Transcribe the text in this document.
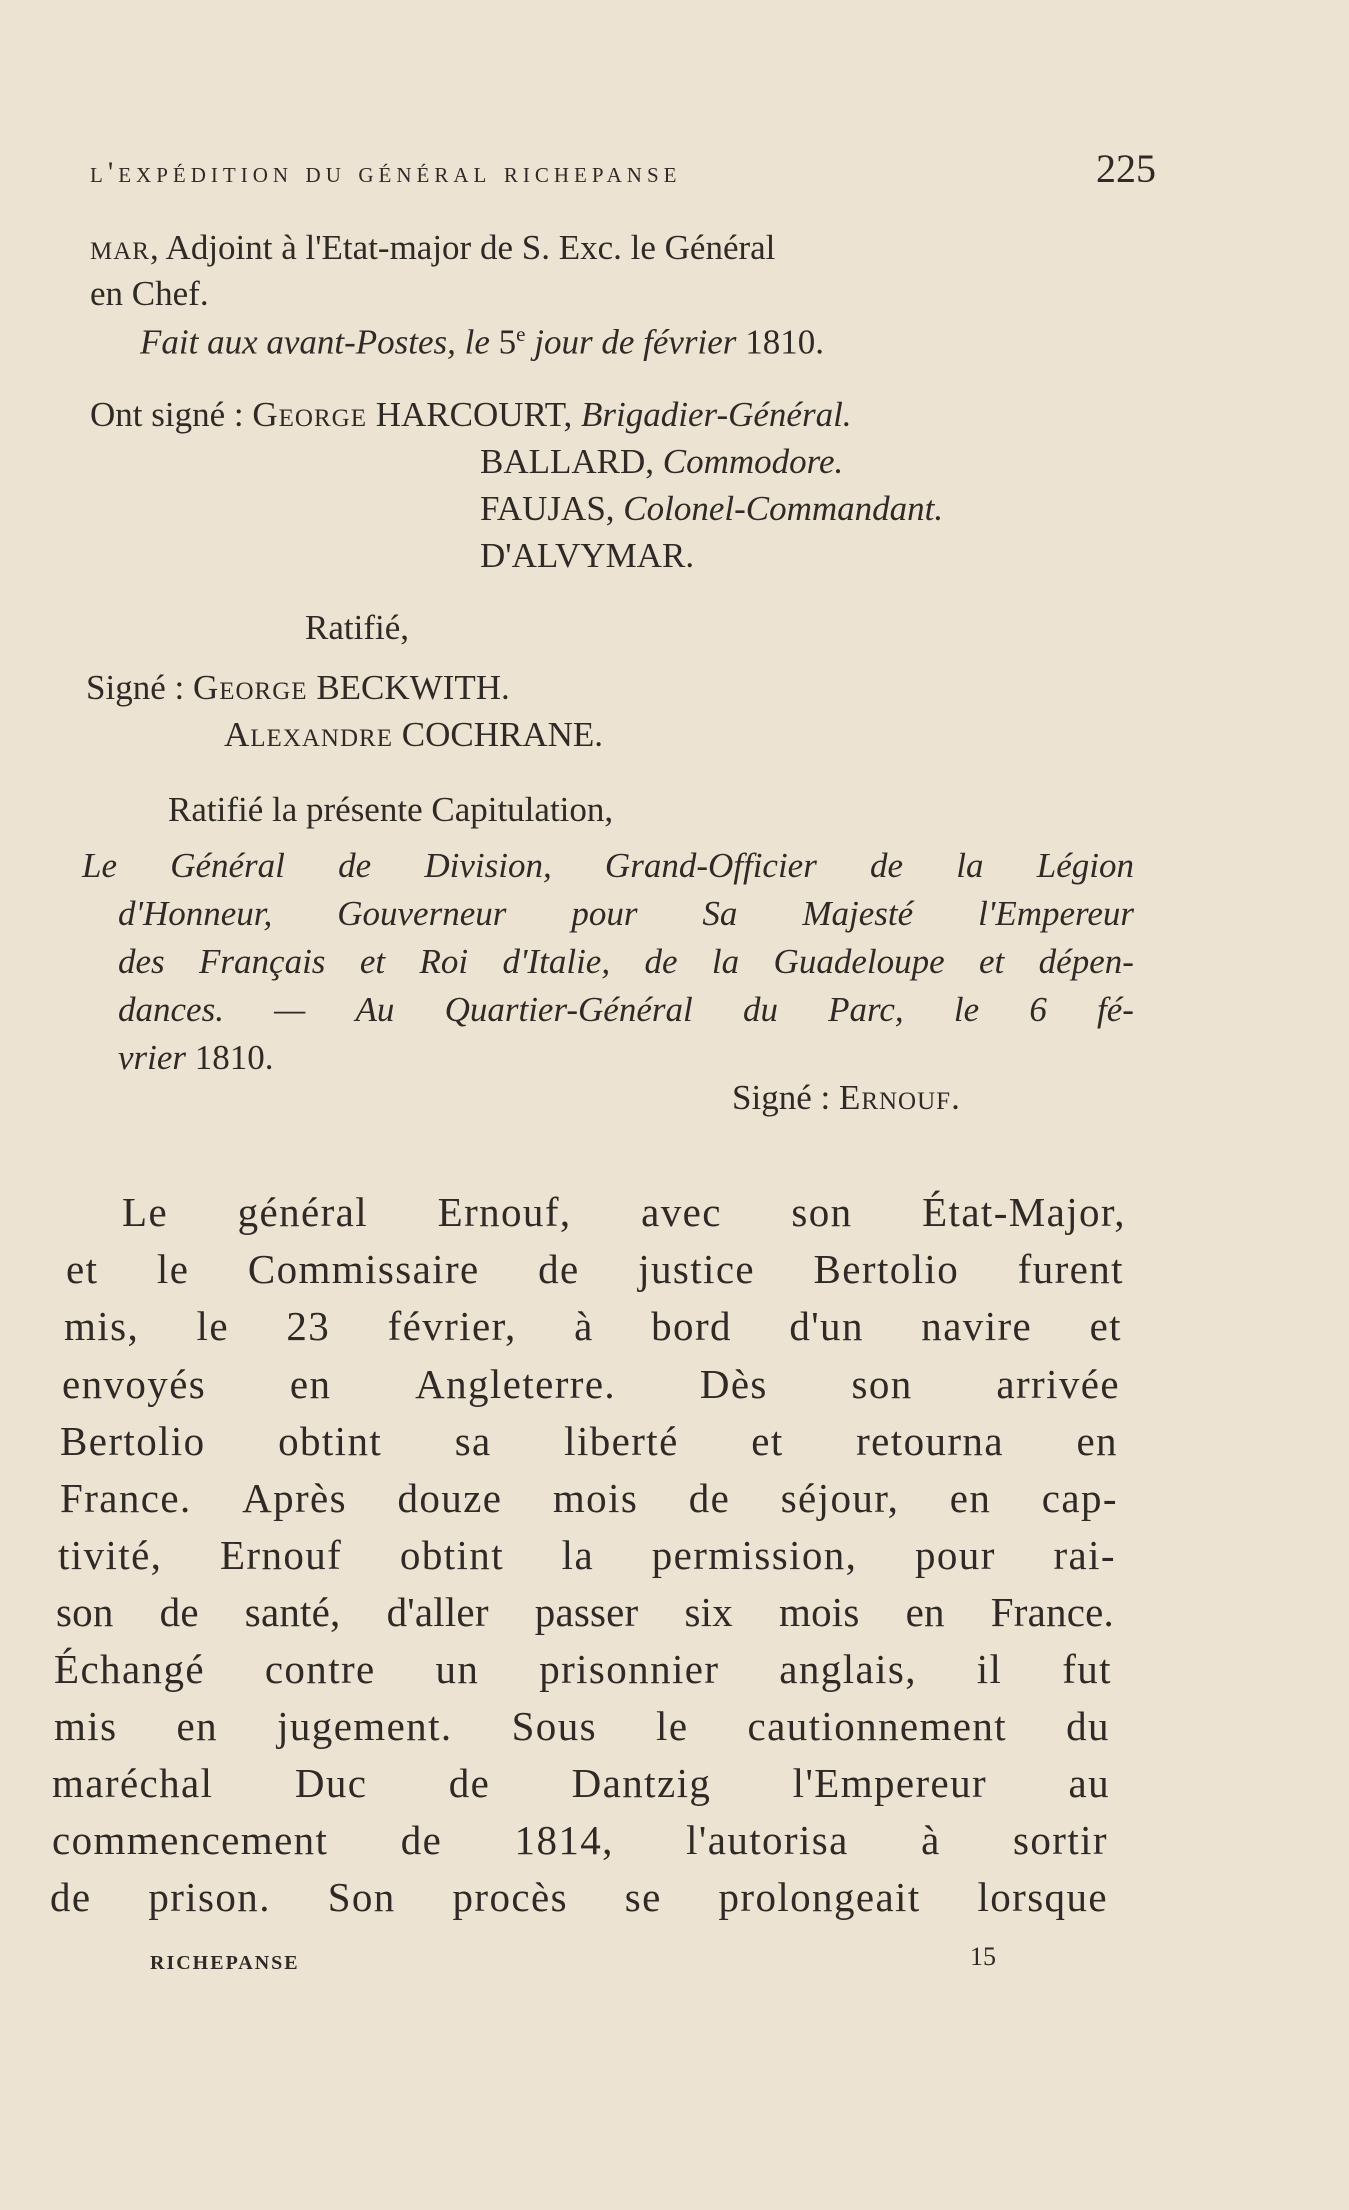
l'expédition du général richepanse	225
mar, Adjoint à l'Etat-major de S. Exc. le Général
en Chef.
Fait aux avant-Postes, le 5e jour de février 1810.
Ont signé : George HARCOURT, Brigadier-Général.
BALLARD, Commodore.
FAUJAS, Colonel-Commandant.
D'ALVYMAR.
Ratifié,
Signé : George BECKWITH.
Alexandre COCHRANE.
Ratifié la présente Capitulation,
Le Général de Division, Grand-Officier de la Légion
d'Honneur, Gouverneur pour Sa Majesté l'Empereur
des Français et Roi d'Italie, de la Guadeloupe et dépen-
dances. — Au Quartier-Général du Parc, le 6 fé-
vrier 1810.
Signé : Ernouf.
Le général Ernouf, avec son État-Major,
et le Commissaire de justice Bertolio furent
mis, le 23 février, à bord d'un navire et
envoyés en Angleterre. Dès son arrivée
Bertolio obtint sa liberté et retourna en
France. Après douze mois de séjour, en cap-
tivité, Ernouf obtint la permission, pour rai-
son de santé, d'aller passer six mois en France.
Échangé contre un prisonnier anglais, il fut
mis en jugement. Sous le cautionnement du
maréchal Duc de Dantzig l'Empereur au
commencement de 1814, l'autorisa à sortir
de prison. Son procès se prolongeait lorsque
RICHEPANSE	15
